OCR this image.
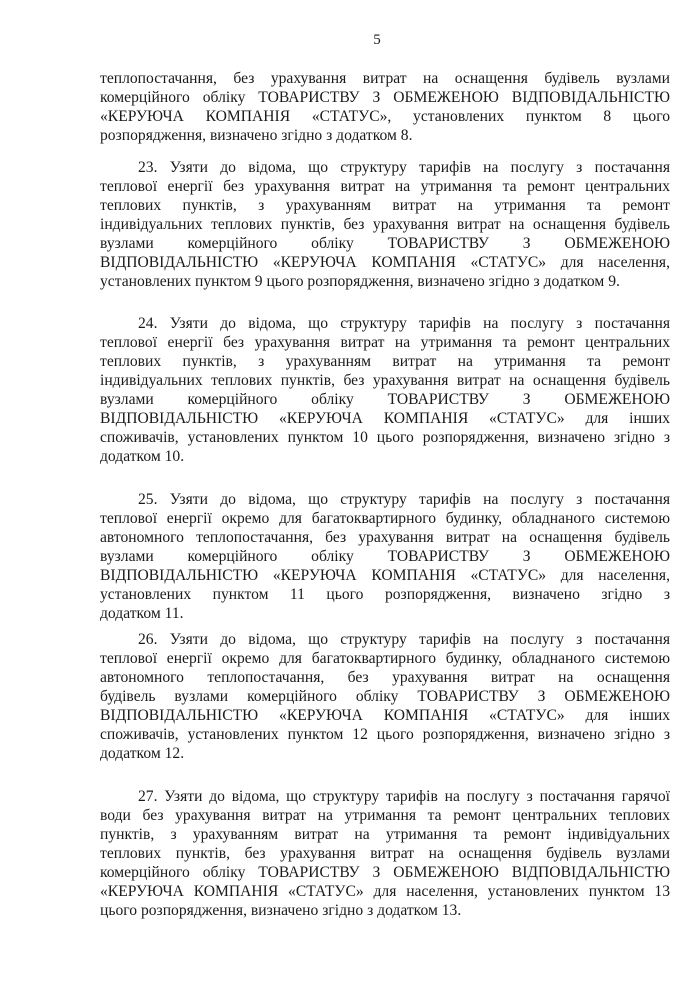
5
теплопостачання, без урахування витрат на оснащення будівель вузлами
комерційного обліку ТОВАРИСТВУ З ОБМЕЖЕНОЮ ВІДПОВІДАЛЬНІСТЮ
«КЕРУЮЧА КОМПАНІЯ «СТАТУС», установлених пунктом 8 цього
розпорядження, визначено згідно з додатком 8.
23. Узяти до відома, що структуру тарифів на послугу з постачання
теплової енергії без урахування витрат на утримання та ремонт центральних
теплових пунктів, з урахуванням витрат на утримання та ремонт
індивідуальних теплових пунктів, без урахування витрат на оснащення будівель
вузлами комерційного обліку ТОВАРИСТВУ З ОБМЕЖЕНОЮ
ВІДПОВІДАЛЬНІСТЮ «КЕРУЮЧА КОМПАНІЯ «СТАТУС» для населення,
установлених пунктом 9 цього розпорядження, визначено згідно з додатком 9.
24. Узяти до відома, що структуру тарифів на послугу з постачання
теплової енергії без урахування витрат на утримання та ремонт центральних
теплових пунктів, з урахуванням витрат на утримання та ремонт
індивідуальних теплових пунктів, без урахування витрат на оснащення будівель
вузлами комерційного обліку ТОВАРИСТВУ З ОБМЕЖЕНОЮ
ВІДПОВІДАЛЬНІСТЮ «КЕРУЮЧА КОМПАНІЯ «СТАТУС» для інших
споживачів, установлених пунктом 10 цього розпорядження, визначено згідно з
додатком 10.
25. Узяти до відома, що структуру тарифів на послугу з постачання
теплової енергії окремо для багатоквартирного будинку, обладнаного системою
автономного теплопостачання, без урахування витрат на оснащення будівель
вузлами комерційного обліку ТОВАРИСТВУ З ОБМЕЖЕНОЮ
ВІДПОВІДАЛЬНІСТЮ «КЕРУЮЧА КОМПАНІЯ «СТАТУС» для населення,
установлених пунктом 11 цього розпорядження, визначено згідно з
додатком 11.
26. Узяти до відома, що структуру тарифів на послугу з постачання
теплової енергії окремо для багатоквартирного будинку, обладнаного системою
автономного теплопостачання, без урахування витрат на оснащення
будівель вузлами комерційного обліку ТОВАРИСТВУ З ОБМЕЖЕНОЮ
ВІДПОВІДАЛЬНІСТЮ «КЕРУЮЧА КОМПАНІЯ «СТАТУС» для інших
споживачів, установлених пунктом 12 цього розпорядження, визначено згідно з
додатком 12.
27. Узяти до відома, що структуру тарифів на послугу з постачання гарячої
води без урахування витрат на утримання та ремонт центральних теплових
пунктів, з урахуванням витрат на утримання та ремонт індивідуальних
теплових пунктів, без урахування витрат на оснащення будівель вузлами
комерційного обліку ТОВАРИСТВУ З ОБМЕЖЕНОЮ ВІДПОВІДАЛЬНІСТЮ
«КЕРУЮЧА КОМПАНІЯ «СТАТУС» для населення, установлених пунктом 13
цього розпорядження, визначено згідно з додатком 13.
